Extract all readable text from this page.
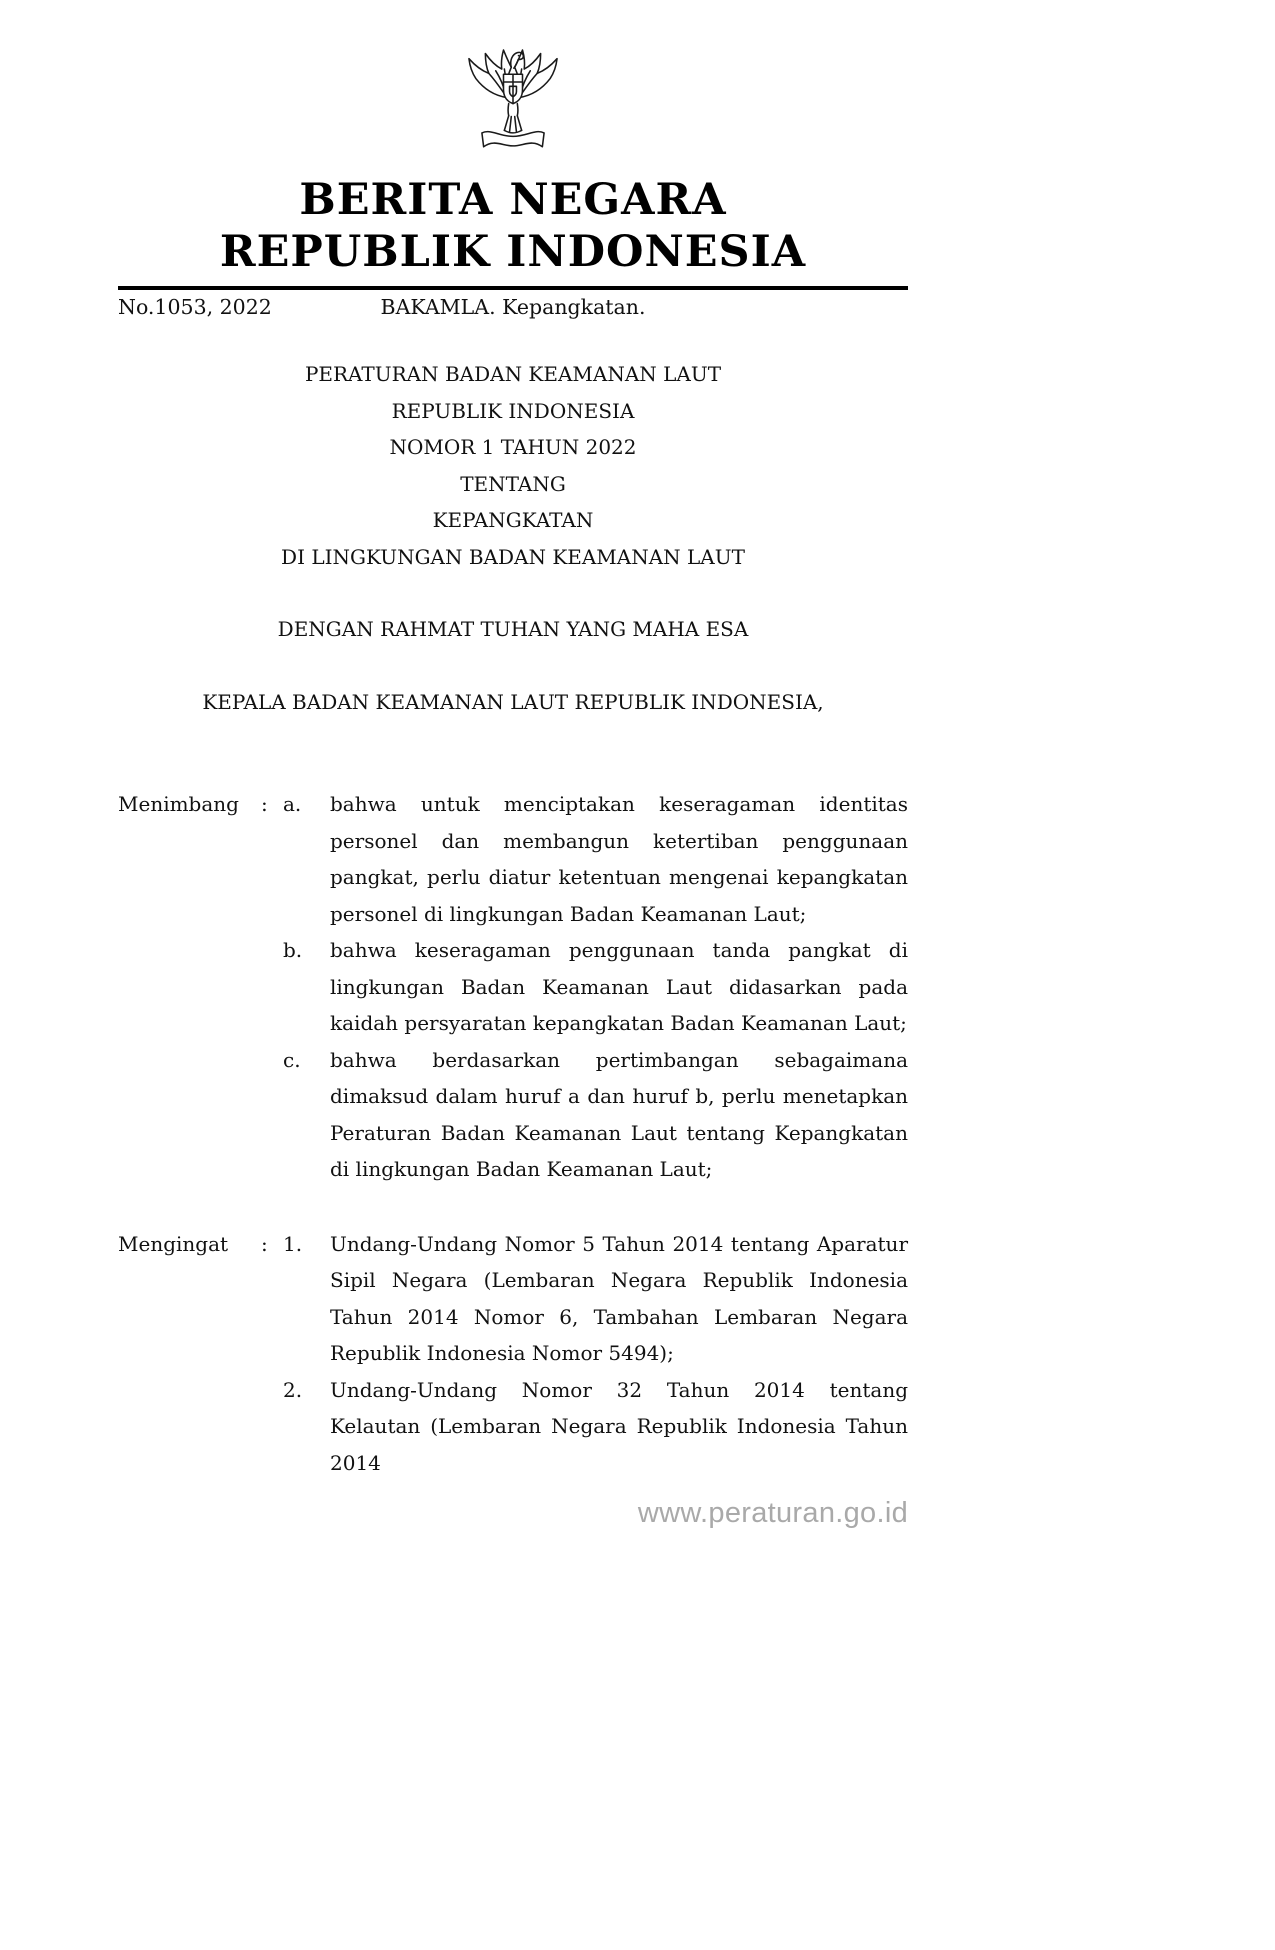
BERITA NEGARA
REPUBLIK INDONESIA
No.1053, 2022	BAKAMLA. Kepangkatan.
PERATURAN BADAN KEAMANAN LAUT
REPUBLIK INDONESIA
NOMOR 1 TAHUN 2022
TENTANG
KEPANGKATAN
DI LINGKUNGAN BADAN KEAMANAN LAUT
DENGAN RAHMAT TUHAN YANG MAHA ESA
KEPALA BADAN KEAMANAN LAUT REPUBLIK INDONESIA,
Menimbang	: a.	bahwa untuk menciptakan keseragaman identitas personel dan membangun ketertiban penggunaan pangkat, perlu diatur ketentuan mengenai kepangkatan personel di lingkungan Badan Keamanan Laut;
b.	bahwa keseragaman penggunaan tanda pangkat di lingkungan Badan Keamanan Laut didasarkan pada kaidah persyaratan kepangkatan Badan Keamanan Laut;
c.	bahwa berdasarkan pertimbangan sebagaimana dimaksud dalam huruf a dan huruf b, perlu menetapkan Peraturan Badan Keamanan Laut tentang Kepangkatan di lingkungan Badan Keamanan Laut;
Mengingat	: 1.	Undang-Undang Nomor 5 Tahun 2014 tentang Aparatur Sipil Negara (Lembaran Negara Republik Indonesia Tahun 2014 Nomor 6, Tambahan Lembaran Negara Republik Indonesia Nomor 5494);
2.	Undang-Undang Nomor 32 Tahun 2014 tentang Kelautan (Lembaran Negara Republik Indonesia Tahun 2014
www.peraturan.go.id
